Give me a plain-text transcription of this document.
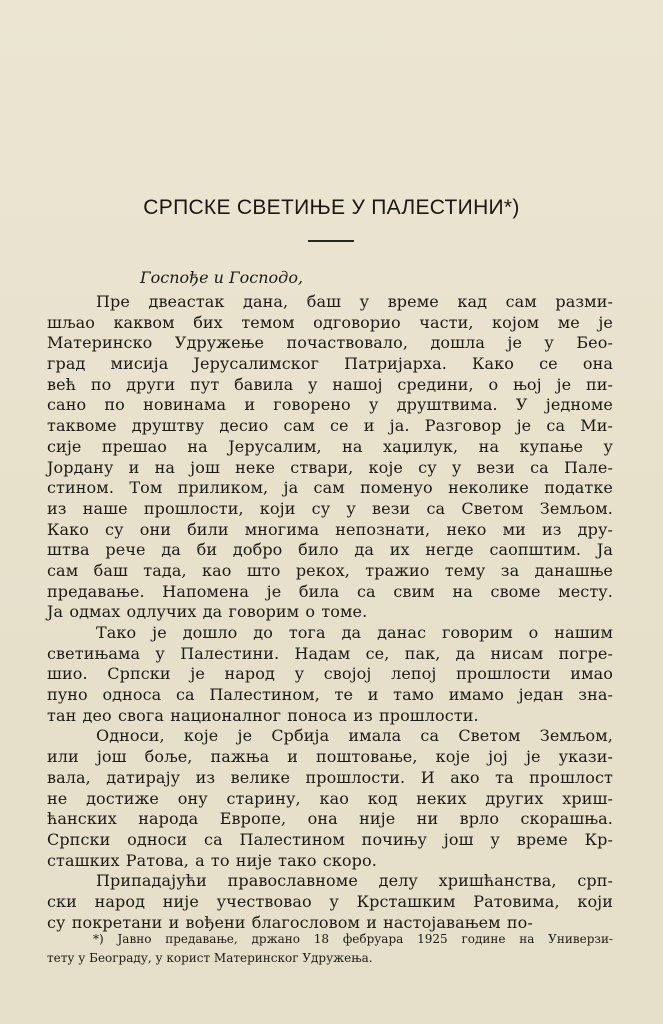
СРПСКЕ СВЕТИЊЕ У ПАЛЕСТИНИ*)
Госпође и Господо,
Пре двеастак дана, баш у време кад сам разми-
шљао каквом бих темом одговорио части, којом ме је
Материнско Удружење почаствовало, дошла је у Бео-
град мисија Јерусалимског Патријарха. Како се она
већ по други пут бавила у нашој средини, о њој је пи-
сано по новинама и говорено у друштвима. У једноме
таквоме друштву десио сам се и ја. Разговор је са Ми-
сије прешао на Јерусалим, на хаџилук, на купање у
Јордану и на још неке ствари, које су у вези са Пале-
стином. Том приликом, ја сам поменуо неколике податке
из наше прошлости, који су у вези са Светом Земљом.
Како су они били многима непознати, неко ми из дру-
штва рече да би добро било да их негде саопштим. Ја
сам баш тада, као што рекох, тражио тему за данашње
предавање. Напомена је била са свим на своме месту.
Ја одмах одлучих да говорим о томе.
Тако је дошло до тога да данас говорим о нашим
светињама у Палестини. Надам се, пак, да нисам погре-
шио. Српски је народ у својој лепој прошлости имао
пуно односа са Палестином, те и тамо имамо један зна-
тан део свога националног поноса из прошлости.
Односи, које је Србија имала са Светом Земљом,
или још боље, пажња и поштовање, које јој је укази-
вала, датирају из велике прошлости. И ако та прошлост
не достиже ону старину, као код неких других хриш-
ћанских народа Европе, она није ни врло скорашња.
Српски односи са Палестином почињу још у време Кр-
сташких Ратова, а то није тако скоро.
Припадајући православноме делу хришћанства, срп-
ски народ није учествовао у Крсташким Ратовима, који
су покретани и вођени благословом и настојавањем по-
*) Јавно предавање, држано 18 фебруара 1925 године на Универзи-
тету у Београду, у корист Материнског Удружења.
